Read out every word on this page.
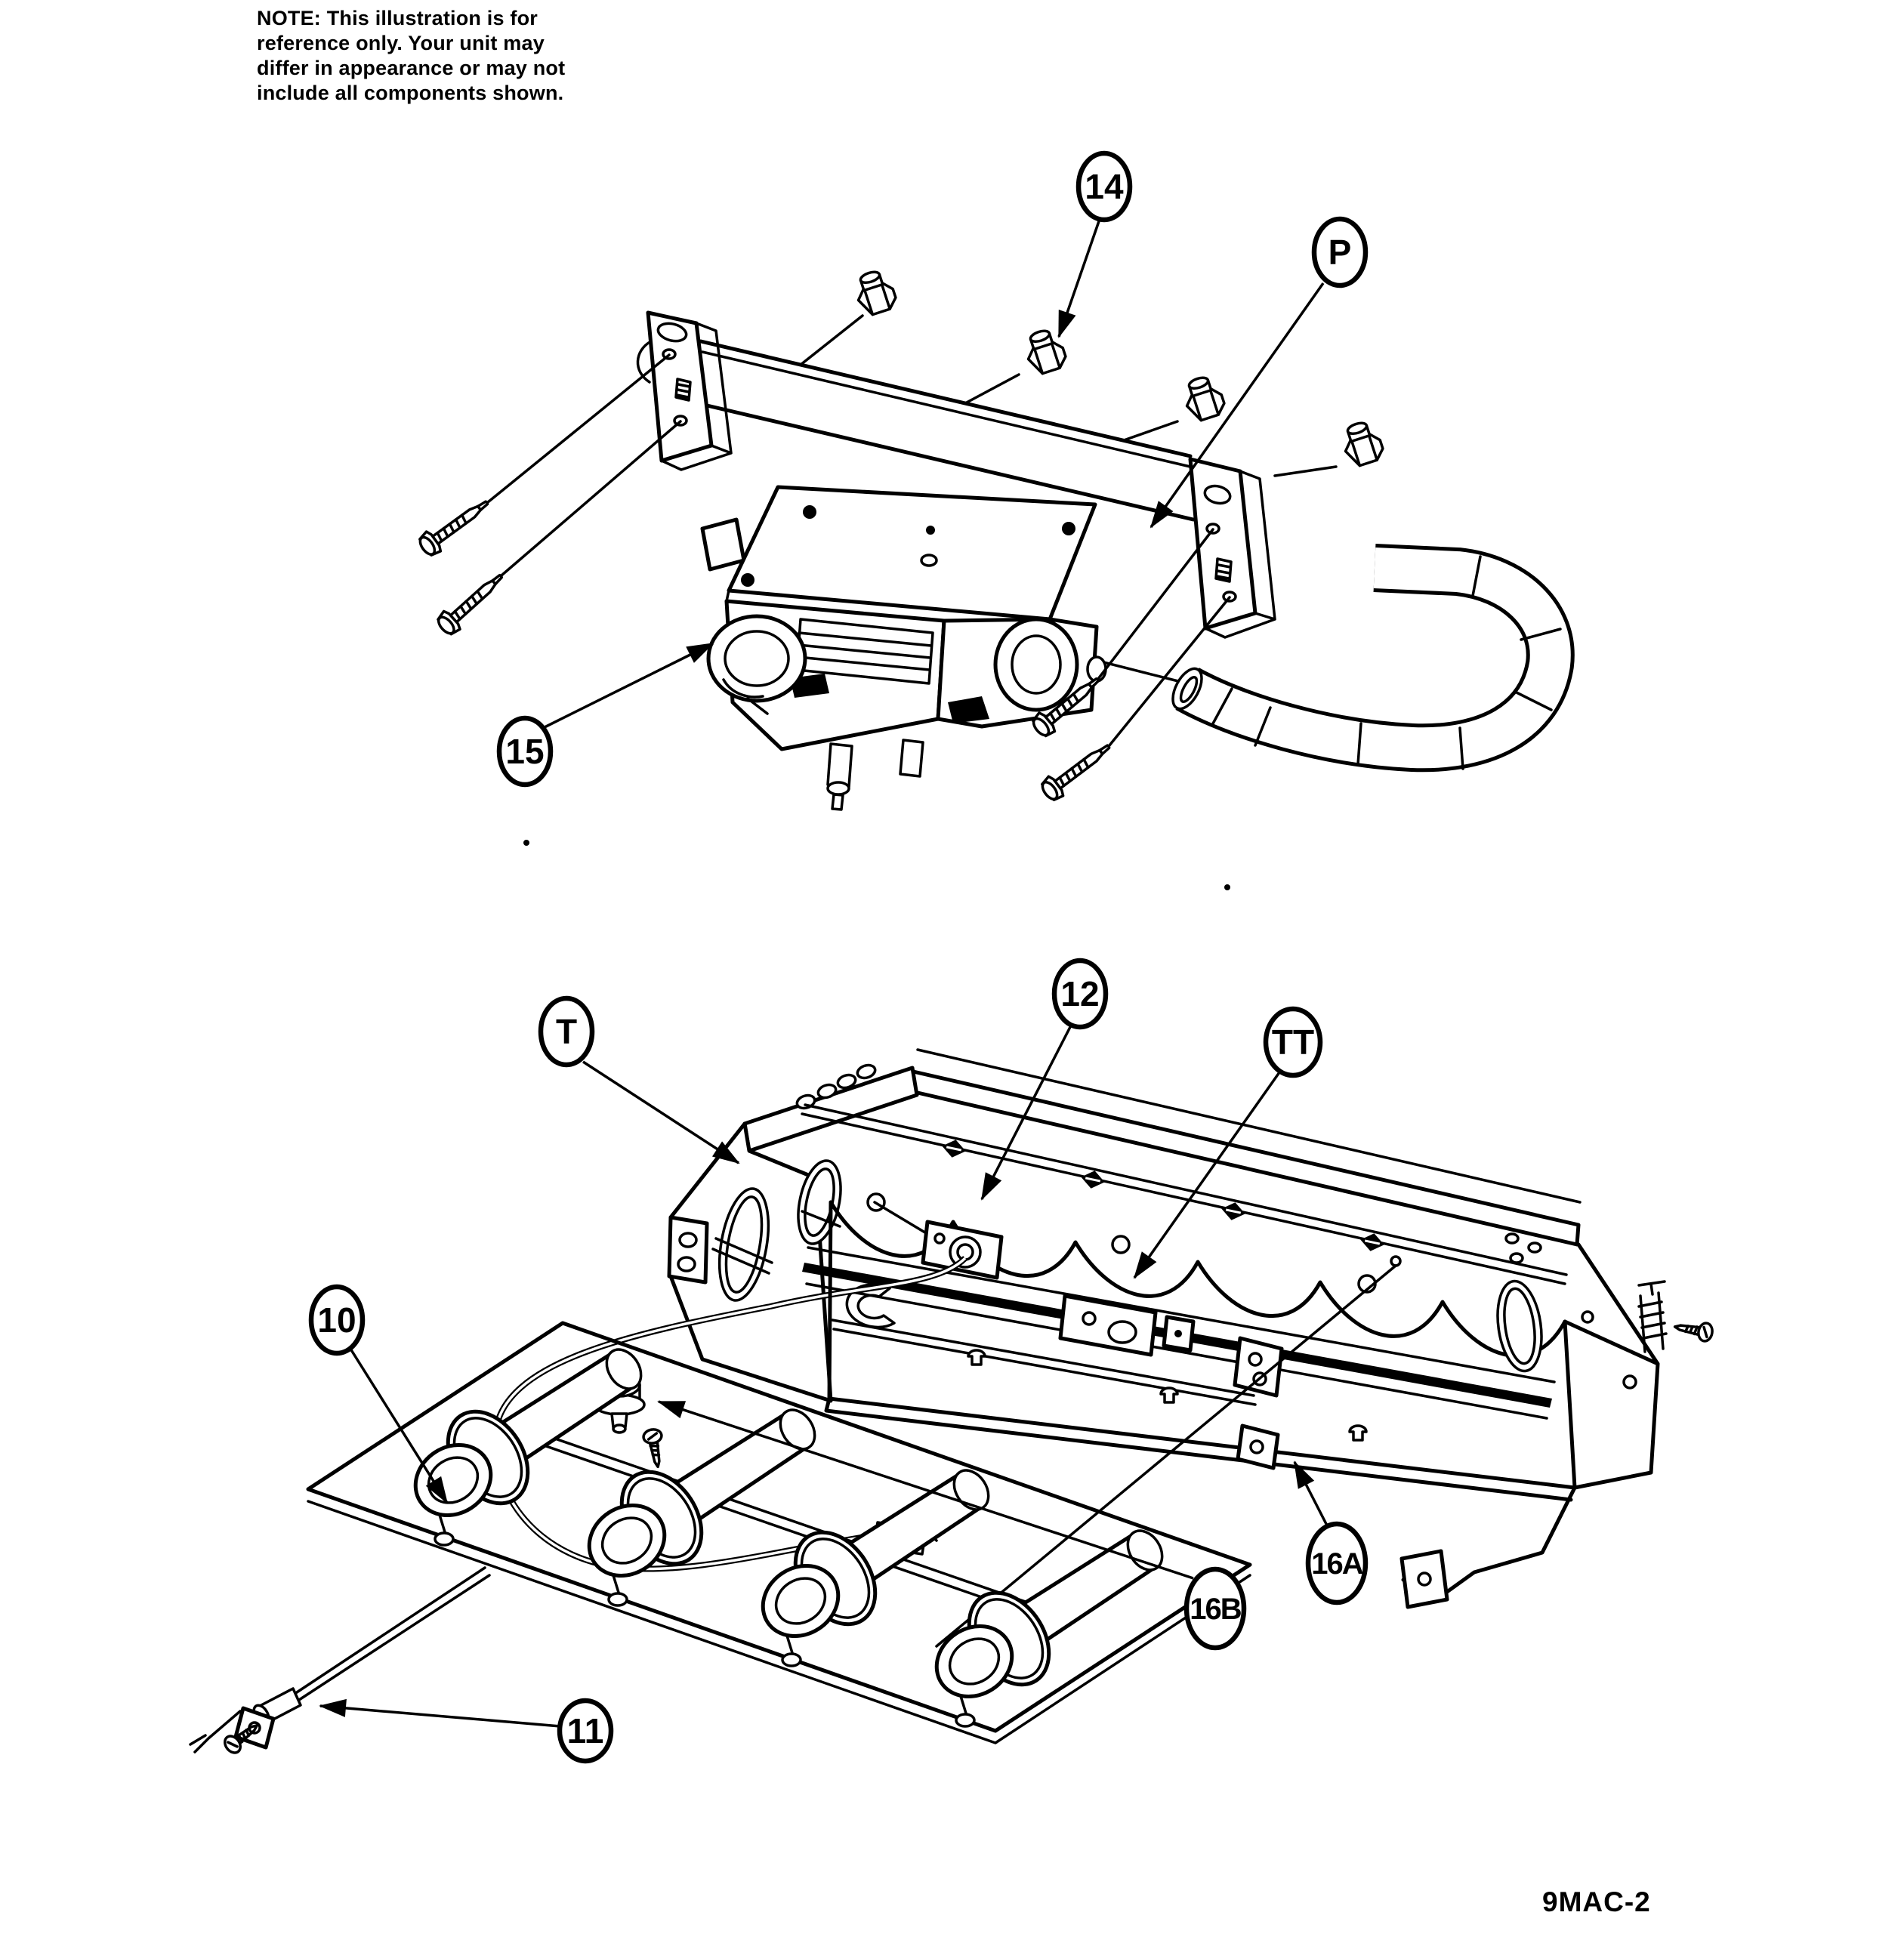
NOTE: This illustration is for
reference only. Your unit may
differ in appearance or may not
include all components shown.
14
P
15
T
12
TT
10
11
16B
16A
9MAC-2
